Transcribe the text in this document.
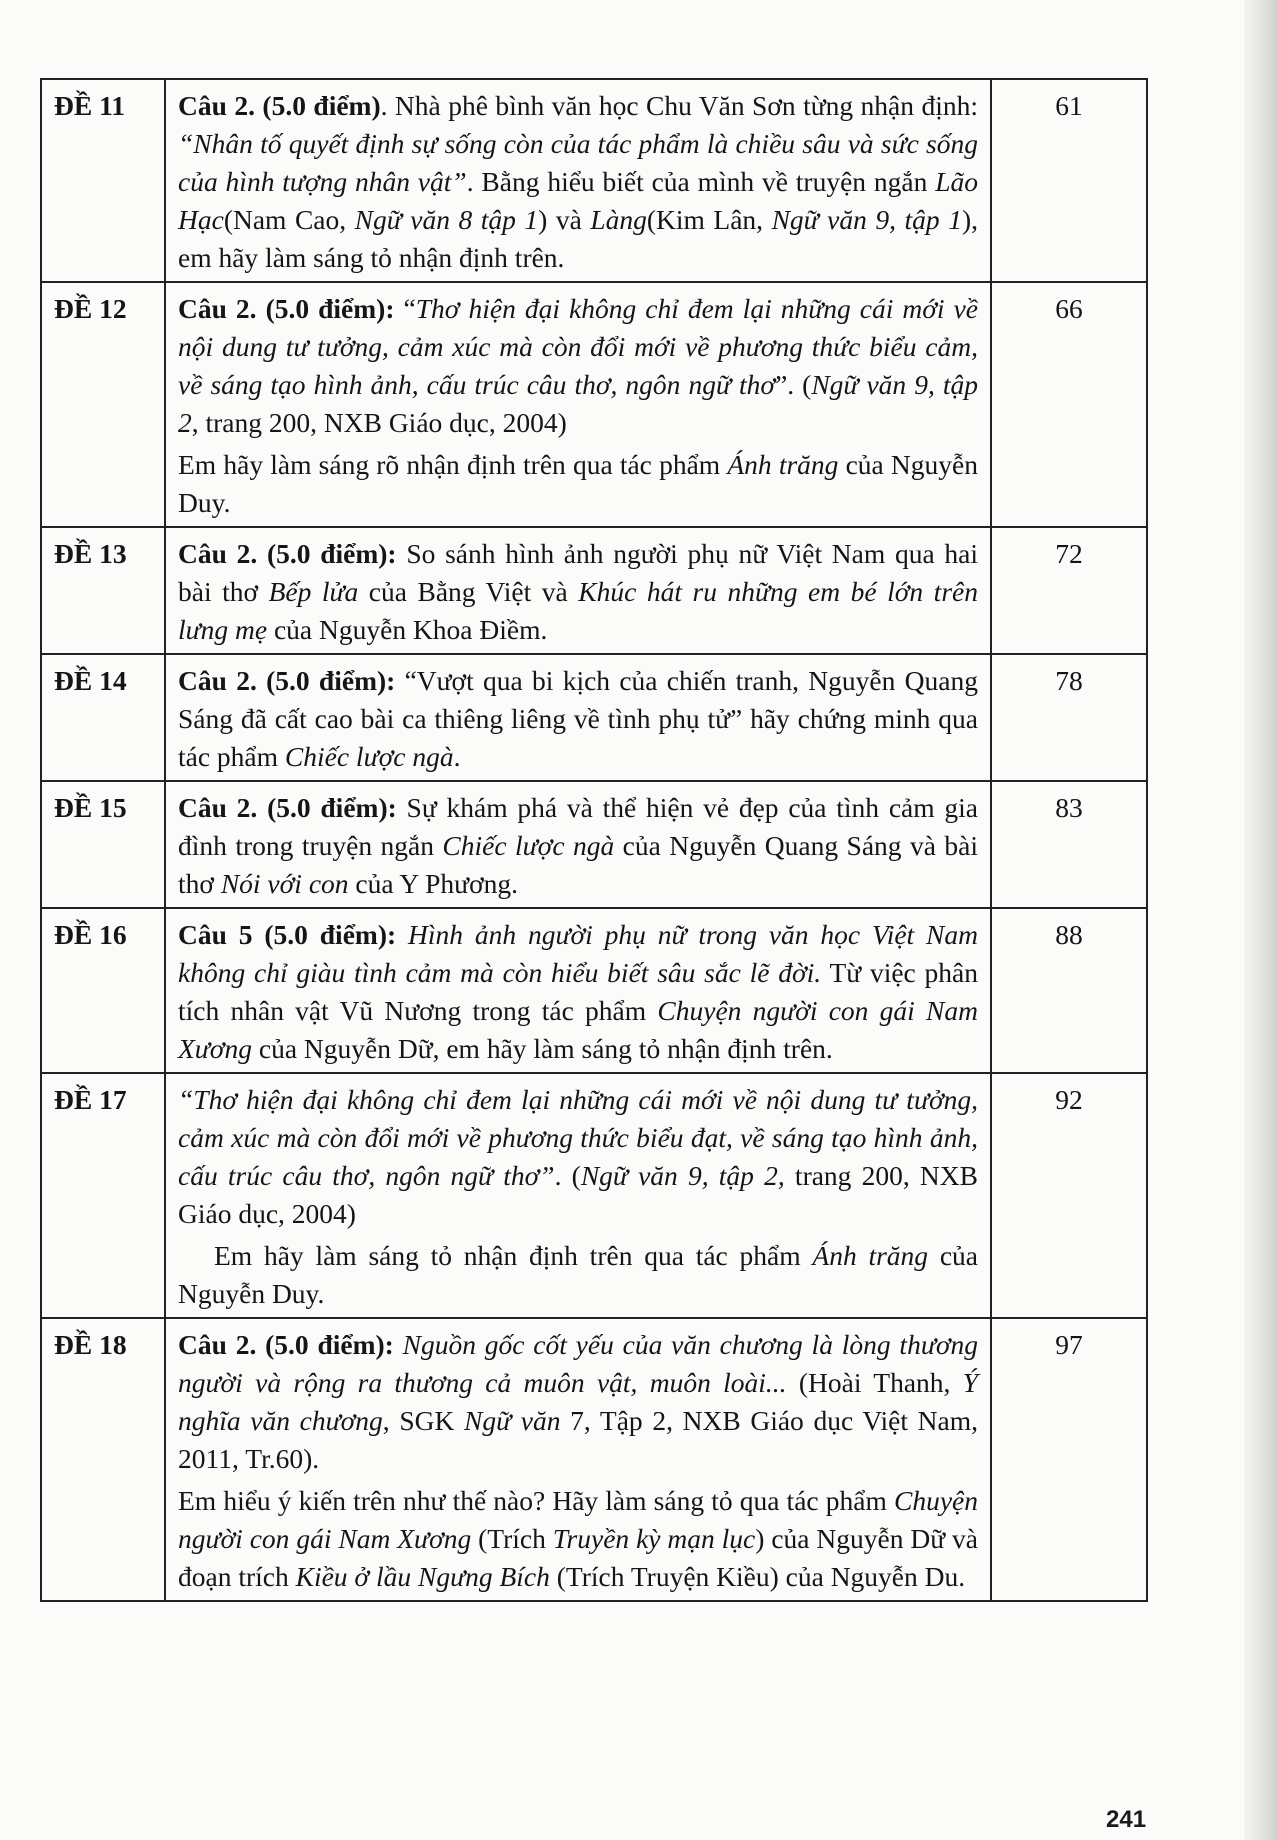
ĐỀ 11	Câu 2. (5.0 điểm). Nhà phê bình văn học Chu Văn Sơn từng nhận định: “Nhân tố quyết định sự sống còn của tác phẩm là chiều sâu và sức sống của hình tượng nhân vật”. Bằng hiểu biết của mình về truyện ngắn Lão Hạc(Nam Cao, Ngữ văn 8 tập 1) và Làng(Kim Lân, Ngữ văn 9, tập 1), em hãy làm sáng tỏ nhận định trên.	61
ĐỀ 12	Câu 2. (5.0 điểm): “Thơ hiện đại không chỉ đem lại những cái mới về nội dung tư tưởng, cảm xúc mà còn đổi mới về phương thức biểu cảm, về sáng tạo hình ảnh, cấu trúc câu thơ, ngôn ngữ thơ”. (Ngữ văn 9, tập 2, trang 200, NXB Giáo dục, 2004)
Em hãy làm sáng rõ nhận định trên qua tác phẩm Ánh trăng của Nguyễn Duy.	66
ĐỀ 13	Câu 2. (5.0 điểm): So sánh hình ảnh người phụ nữ Việt Nam qua hai bài thơ Bếp lửa của Bằng Việt và Khúc hát ru những em bé lớn trên lưng mẹ của Nguyễn Khoa Điềm.	72
ĐỀ 14	Câu 2. (5.0 điểm): “Vượt qua bi kịch của chiến tranh, Nguyễn Quang Sáng đã cất cao bài ca thiêng liêng về tình phụ tử” hãy chứng minh qua tác phẩm Chiếc lược ngà.	78
ĐỀ 15	Câu 2. (5.0 điểm): Sự khám phá và thể hiện vẻ đẹp của tình cảm gia đình trong truyện ngắn Chiếc lược ngà của Nguyễn Quang Sáng và bài thơ Nói với con của Y Phương.	83
ĐỀ 16	Câu 5 (5.0 điểm): Hình ảnh người phụ nữ trong văn học Việt Nam không chỉ giàu tình cảm mà còn hiểu biết sâu sắc lẽ đời. Từ việc phân tích nhân vật Vũ Nương trong tác phẩm Chuyện người con gái Nam Xương của Nguyễn Dữ, em hãy làm sáng tỏ nhận định trên.	88
ĐỀ 17	“Thơ hiện đại không chỉ đem lại những cái mới về nội dung tư tưởng, cảm xúc mà còn đổi mới về phương thức biểu đạt, về sáng tạo hình ảnh, cấu trúc câu thơ, ngôn ngữ thơ”. (Ngữ văn 9, tập 2, trang 200, NXB Giáo dục, 2004)
Em hãy làm sáng tỏ nhận định trên qua tác phẩm Ánh trăng của Nguyễn Duy.	92
ĐỀ 18	Câu 2. (5.0 điểm): Nguồn gốc cốt yếu của văn chương là lòng thương người và rộng ra thương cả muôn vật, muôn loài... (Hoài Thanh, Ý nghĩa văn chương, SGK Ngữ văn 7, Tập 2, NXB Giáo dục Việt Nam, 2011, Tr.60).
Em hiểu ý kiến trên như thế nào? Hãy làm sáng tỏ qua tác phẩm Chuyện người con gái Nam Xương (Trích Truyền kỳ mạn lục) của Nguyễn Dữ và đoạn trích Kiều ở lầu Ngưng Bích (Trích Truyện Kiều) của Nguyễn Du.	97
241
